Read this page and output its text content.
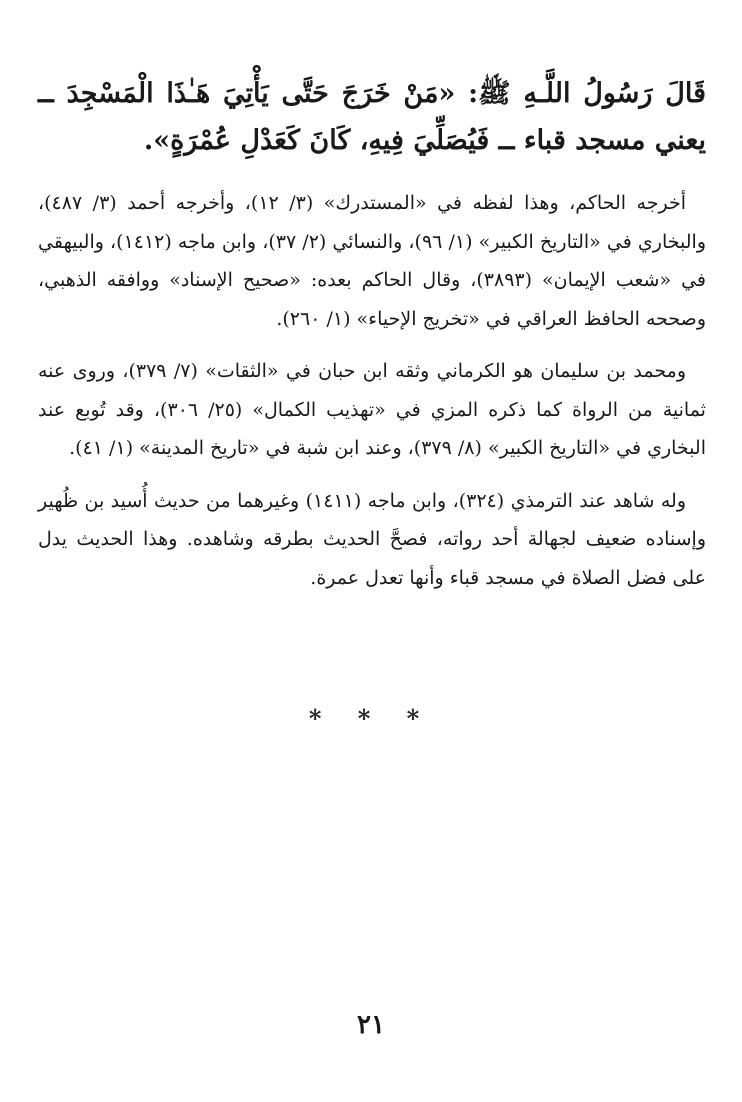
قَالَ رَسُولُ اللَّـهِ ﷺ: «مَنْ خَرَجَ حَتَّى يَأْتِيَ هَـٰذَا الْمَسْجِدَ ــ يعني مسجد قباء ــ فَيُصَلِّيَ فِيهِ، كَانَ كَعَدْلِ عُمْرَةٍ».

أخرجه الحاكم، وهذا لفظه في «المستدرك» (٣/ ١٢)، وأخرجه أحمد (٣/ ٤٨٧)، والبخاري في «التاريخ الكبير» (١/ ٩٦)، والنسائي (٢/ ٣٧)، وابن ماجه (١٤١٢)، والبيهقي في «شعب الإيمان» (٣٨٩٣)، وقال الحاكم بعده: «صحيح الإسناد» ووافقه الذهبي، وصححه الحافظ العراقي في «تخريج الإحياء» (١/ ٢٦٠).

ومحمد بن سليمان هو الكرماني وثقه ابن حبان في «الثقات» (٧/ ٣٧٩)، وروى عنه ثمانية من الرواة كما ذكره المزي في «تهذيب الكمال» (٢٥/ ٣٠٦)، وقد تُوبع عند البخاري في «التاريخ الكبير» (٨/ ٣٧٩)، وعند ابن شبة في «تاريخ المدينة» (١/ ٤١).

وله شاهد عند الترمذي (٣٢٤)، وابن ماجه (١٤١١) وغيرهما من حديث أُسيد بن ظُهير وإسناده ضعيف لجهالة أحد رواته، فصحَّ الحديث بطرقه وشاهده. وهذا الحديث يدل على فضل الصلاة في مسجد قباء وأنها تعدل عمرة.

* * *
٢١
